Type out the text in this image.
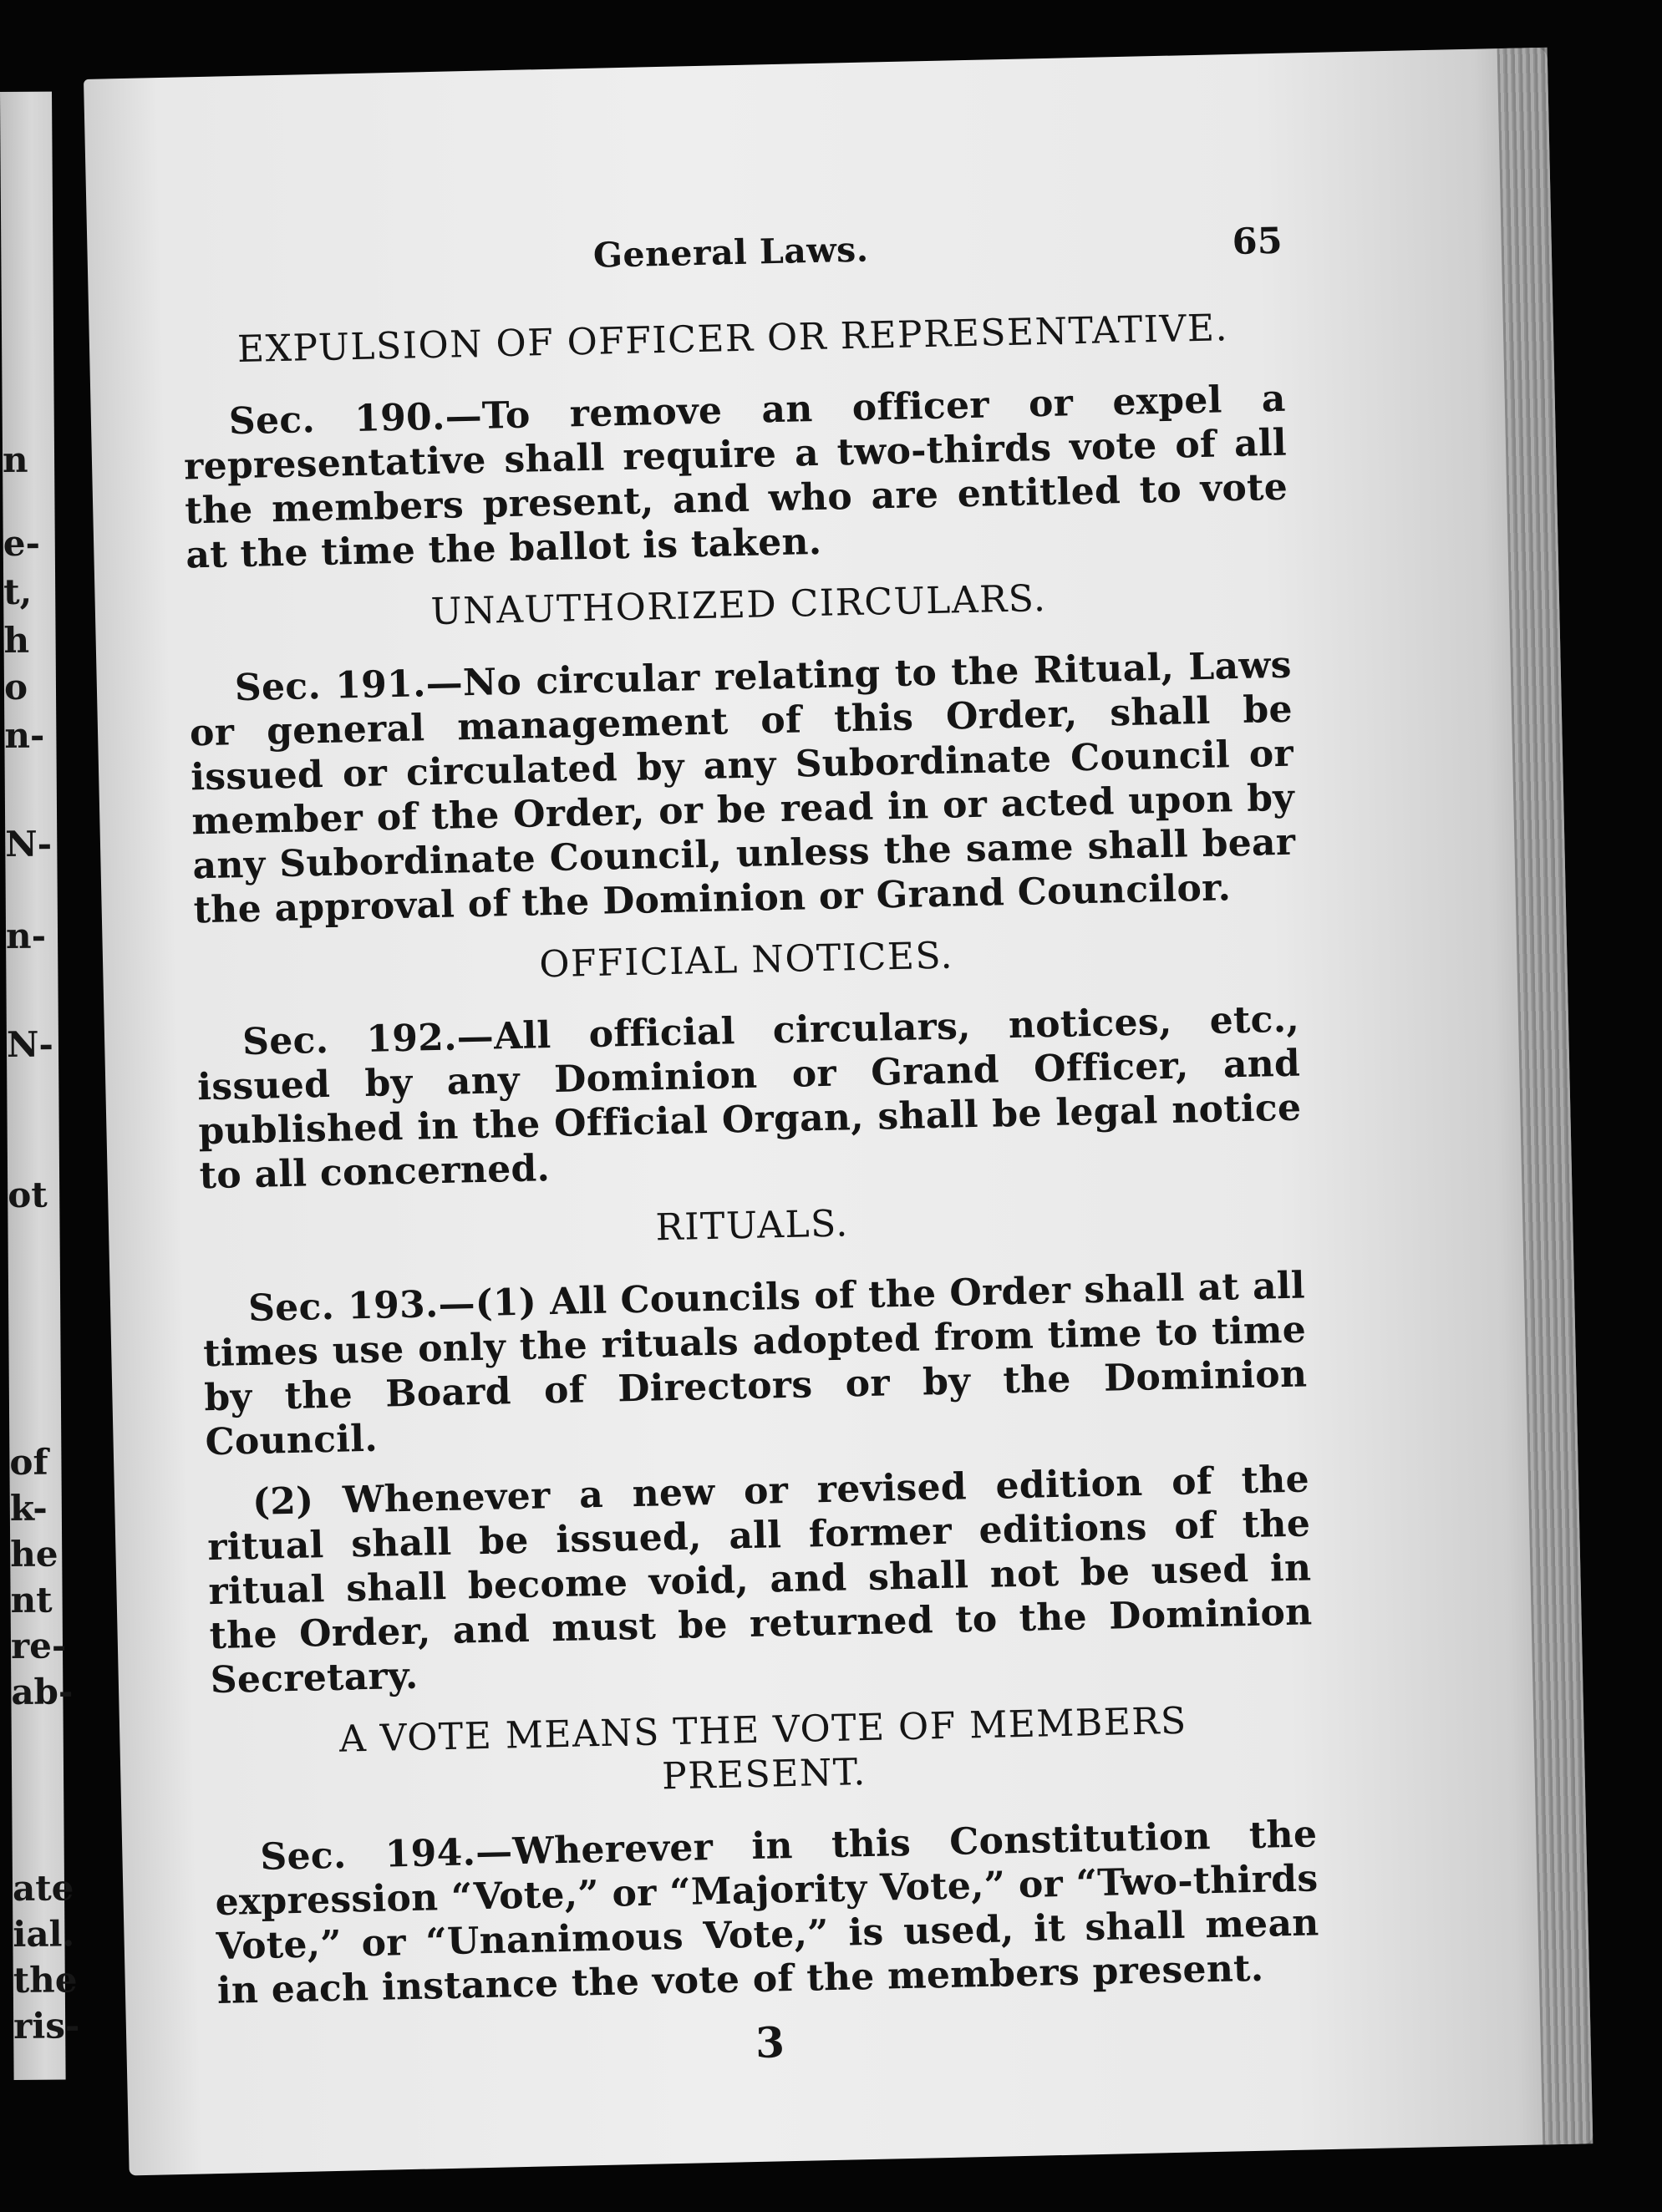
n
e-
t,
h
o
n-
N-
n-
N-
ot
of
k-
he
nt
re-
ab-
ate
ial.
the
ris-
General Laws.	65
EXPULSION OF OFFICER OR REPRESENTATIVE.

Sec. 190.—To remove an officer or expel a representative shall require a two-thirds vote of all the members present, and who are entitled to vote at the time the ballot is taken.

UNAUTHORIZED CIRCULARS.

Sec. 191.—No circular relating to the Ritual, Laws or general management of this Order, shall be issued or circulated by any Subordinate Council or member of the Order, or be read in or acted upon by any Subordinate Council, unless the same shall bear the approval of the Dominion or Grand Councilor.

OFFICIAL NOTICES.

Sec. 192.—All official circulars, notices, etc., issued by any Dominion or Grand Officer, and published in the Official Organ, shall be legal notice to all concerned.

RITUALS.

Sec. 193.—(1) All Councils of the Order shall at all times use only the rituals adopted from time to time by the Board of Directors or by the Dominion Council.

(2) Whenever a new or revised edition of the ritual shall be issued, all former editions of the ritual shall become void, and shall not be used in the Order, and must be returned to the Dominion Secretary.

A VOTE MEANS THE VOTE OF MEMBERS PRESENT.

Sec. 194.—Wherever in this Constitution the expression “Vote,” or “Majority Vote,” or “Two-thirds Vote,” or “Unanimous Vote,” is used, it shall mean in each instance the vote of the members present.

3
